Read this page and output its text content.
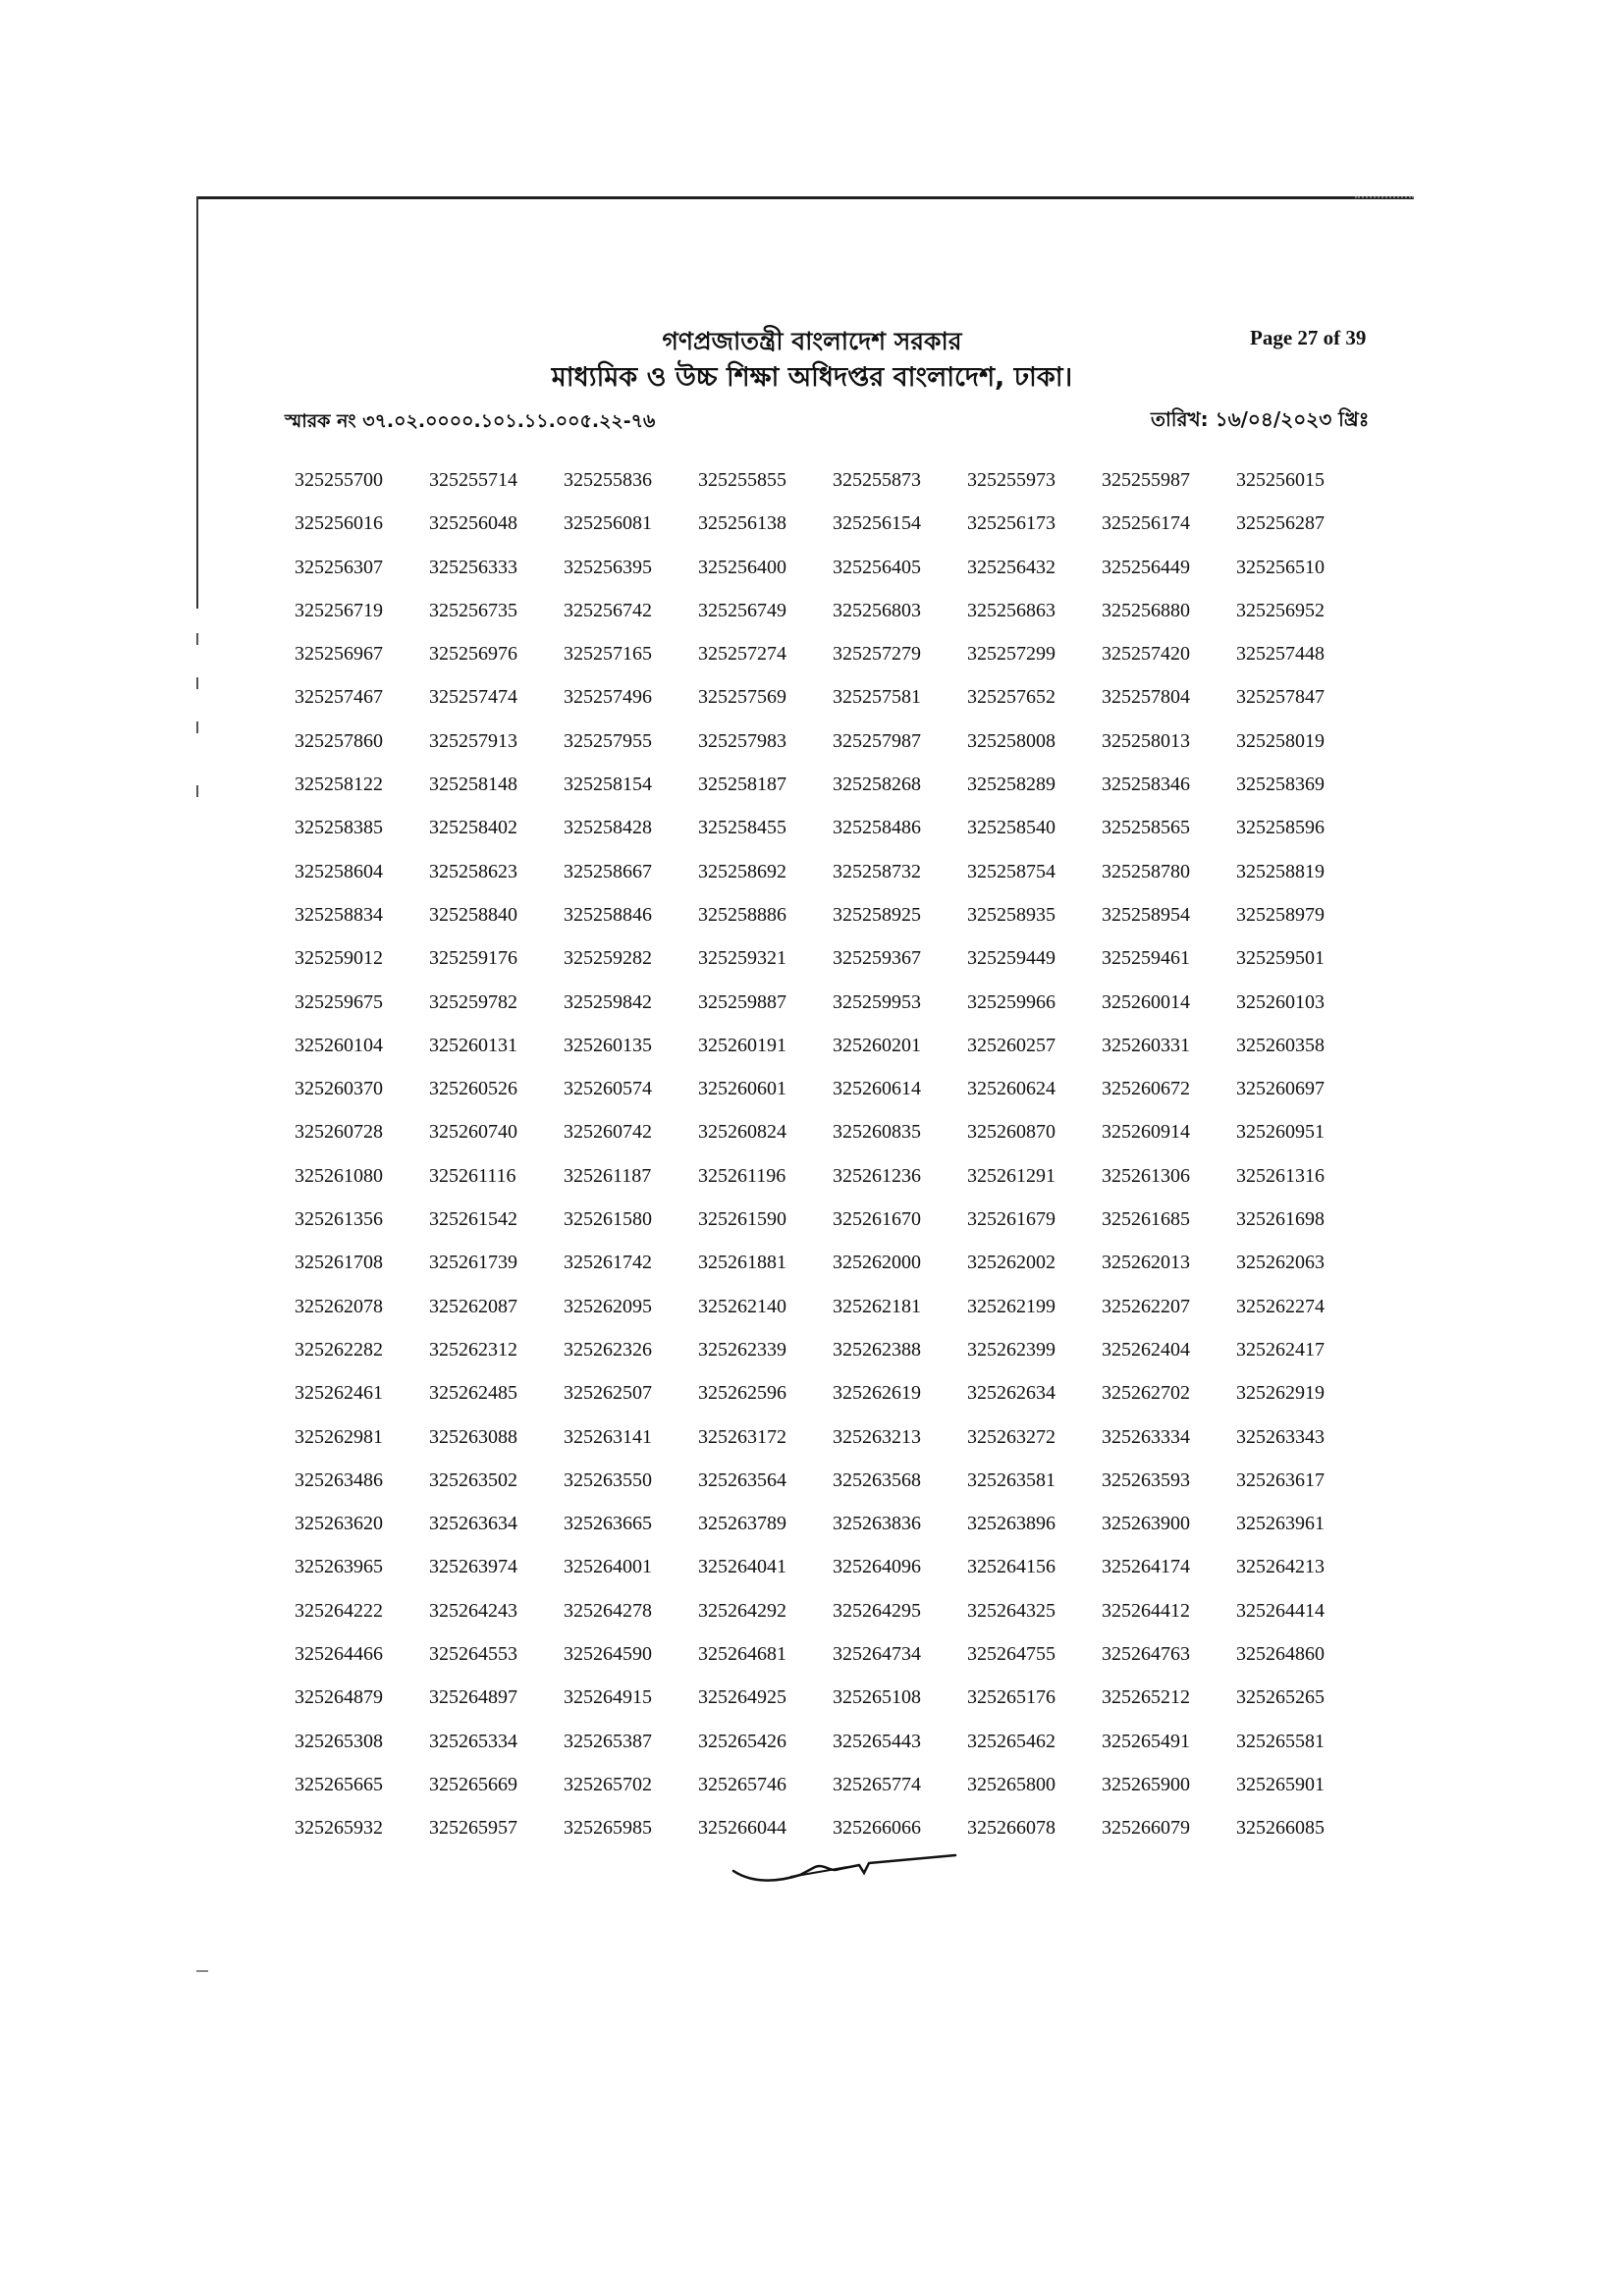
গণপ্রজাতন্ত্রী বাংলাদেশ সরকার
মাধ্যমিক ও উচ্চ শিক্ষা অধিদপ্তর বাংলাদেশ, ঢাকা।
Page 27 of 39
স্মারক নং ৩৭.০২.০০০০.১০১.১১.০০৫.২২-৭৬	তারিখ: ১৬/০৪/২০২৩ খ্রিঃ
325255700	325255714	325255836	325255855	325255873	325255973	325255987	325256015
325256016	325256048	325256081	325256138	325256154	325256173	325256174	325256287
325256307	325256333	325256395	325256400	325256405	325256432	325256449	325256510
325256719	325256735	325256742	325256749	325256803	325256863	325256880	325256952
325256967	325256976	325257165	325257274	325257279	325257299	325257420	325257448
325257467	325257474	325257496	325257569	325257581	325257652	325257804	325257847
325257860	325257913	325257955	325257983	325257987	325258008	325258013	325258019
325258122	325258148	325258154	325258187	325258268	325258289	325258346	325258369
325258385	325258402	325258428	325258455	325258486	325258540	325258565	325258596
325258604	325258623	325258667	325258692	325258732	325258754	325258780	325258819
325258834	325258840	325258846	325258886	325258925	325258935	325258954	325258979
325259012	325259176	325259282	325259321	325259367	325259449	325259461	325259501
325259675	325259782	325259842	325259887	325259953	325259966	325260014	325260103
325260104	325260131	325260135	325260191	325260201	325260257	325260331	325260358
325260370	325260526	325260574	325260601	325260614	325260624	325260672	325260697
325260728	325260740	325260742	325260824	325260835	325260870	325260914	325260951
325261080	325261116	325261187	325261196	325261236	325261291	325261306	325261316
325261356	325261542	325261580	325261590	325261670	325261679	325261685	325261698
325261708	325261739	325261742	325261881	325262000	325262002	325262013	325262063
325262078	325262087	325262095	325262140	325262181	325262199	325262207	325262274
325262282	325262312	325262326	325262339	325262388	325262399	325262404	325262417
325262461	325262485	325262507	325262596	325262619	325262634	325262702	325262919
325262981	325263088	325263141	325263172	325263213	325263272	325263334	325263343
325263486	325263502	325263550	325263564	325263568	325263581	325263593	325263617
325263620	325263634	325263665	325263789	325263836	325263896	325263900	325263961
325263965	325263974	325264001	325264041	325264096	325264156	325264174	325264213
325264222	325264243	325264278	325264292	325264295	325264325	325264412	325264414
325264466	325264553	325264590	325264681	325264734	325264755	325264763	325264860
325264879	325264897	325264915	325264925	325265108	325265176	325265212	325265265
325265308	325265334	325265387	325265426	325265443	325265462	325265491	325265581
325265665	325265669	325265702	325265746	325265774	325265800	325265900	325265901
325265932	325265957	325265985	325266044	325266066	325266078	325266079	325266085
